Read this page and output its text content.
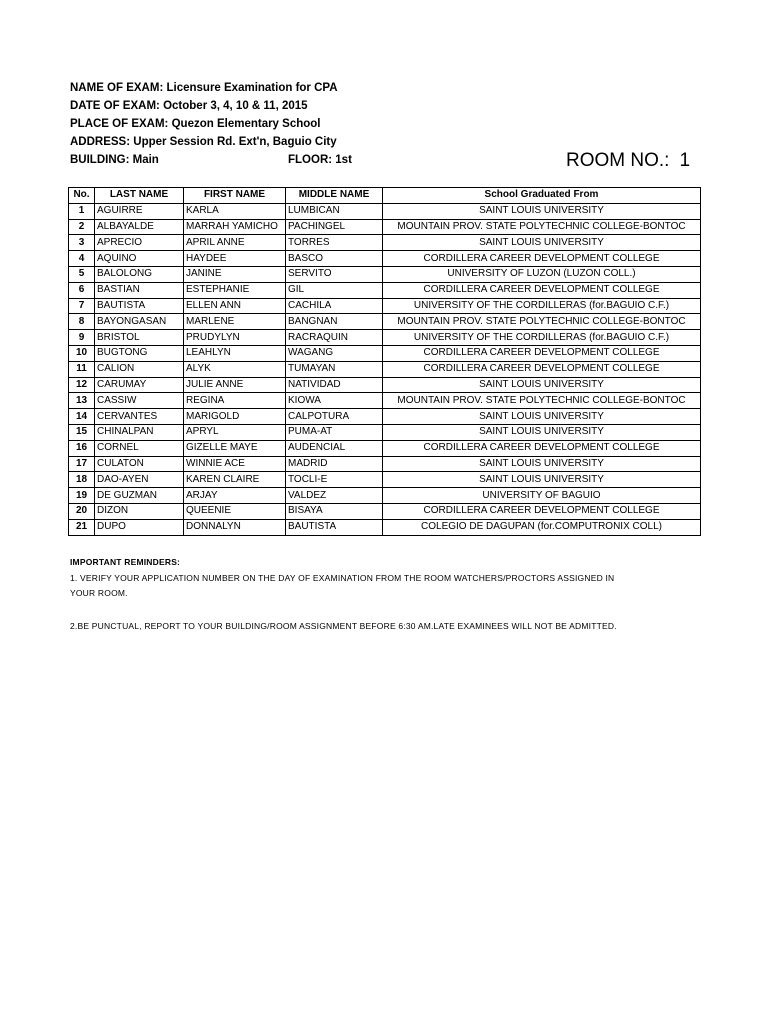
NAME OF EXAM: Licensure Examination for CPA
DATE OF EXAM: October 3, 4, 10 & 11, 2015
PLACE OF EXAM: Quezon Elementary School
ADDRESS: Upper Session Rd. Ext'n, Baguio City
BUILDING: Main	FLOOR: 1st	ROOM NO.: 1
No.	LAST NAME	FIRST NAME	MIDDLE NAME	School Graduated From
1	AGUIRRE	KARLA	LUMBICAN	SAINT LOUIS UNIVERSITY
2	ALBAYALDE	MARRAH YAMICHO	PACHINGEL	MOUNTAIN PROV. STATE POLYTECHNIC COLLEGE-BONTOC
3	APRECIO	APRIL ANNE	TORRES	SAINT LOUIS UNIVERSITY
4	AQUINO	HAYDEE	BASCO	CORDILLERA CAREER DEVELOPMENT COLLEGE
5	BALOLONG	JANINE	SERVITO	UNIVERSITY OF LUZON (LUZON COLL.)
6	BASTIAN	ESTEPHANIE	GIL	CORDILLERA CAREER DEVELOPMENT COLLEGE
7	BAUTISTA	ELLEN ANN	CACHILA	UNIVERSITY OF THE CORDILLERAS (for.BAGUIO C.F.)
8	BAYONGASAN	MARLENE	BANGNAN	MOUNTAIN PROV. STATE POLYTECHNIC COLLEGE-BONTOC
9	BRISTOL	PRUDYLYN	RACRAQUIN	UNIVERSITY OF THE CORDILLERAS (for.BAGUIO C.F.)
10	BUGTONG	LEAHLYN	WAGANG	CORDILLERA CAREER DEVELOPMENT COLLEGE
11	CALION	ALYK	TUMAYAN	CORDILLERA CAREER DEVELOPMENT COLLEGE
12	CARUMAY	JULIE ANNE	NATIVIDAD	SAINT LOUIS UNIVERSITY
13	CASSIW	REGINA	KIOWA	MOUNTAIN PROV. STATE POLYTECHNIC COLLEGE-BONTOC
14	CERVANTES	MARIGOLD	CALPOTURA	SAINT LOUIS UNIVERSITY
15	CHINALPAN	APRYL	PUMA-AT	SAINT LOUIS UNIVERSITY
16	CORNEL	GIZELLE MAYE	AUDENCIAL	CORDILLERA CAREER DEVELOPMENT COLLEGE
17	CULATON	WINNIE ACE	MADRID	SAINT LOUIS UNIVERSITY
18	DAO-AYEN	KAREN CLAIRE	TOCLI-E	SAINT LOUIS UNIVERSITY
19	DE GUZMAN	ARJAY	VALDEZ	UNIVERSITY OF BAGUIO
20	DIZON	QUEENIE	BISAYA	CORDILLERA CAREER DEVELOPMENT COLLEGE
21	DUPO	DONNALYN	BAUTISTA	COLEGIO DE DAGUPAN (for.COMPUTRONIX COLL)
IMPORTANT REMINDERS:
1. VERIFY YOUR APPLICATION NUMBER ON THE DAY OF EXAMINATION FROM THE ROOM WATCHERS/PROCTORS ASSIGNED IN
YOUR ROOM.
2.BE PUNCTUAL, REPORT TO YOUR BUILDING/ROOM ASSIGNMENT BEFORE 6:30 AM.LATE EXAMINEES WILL NOT BE ADMITTED.
